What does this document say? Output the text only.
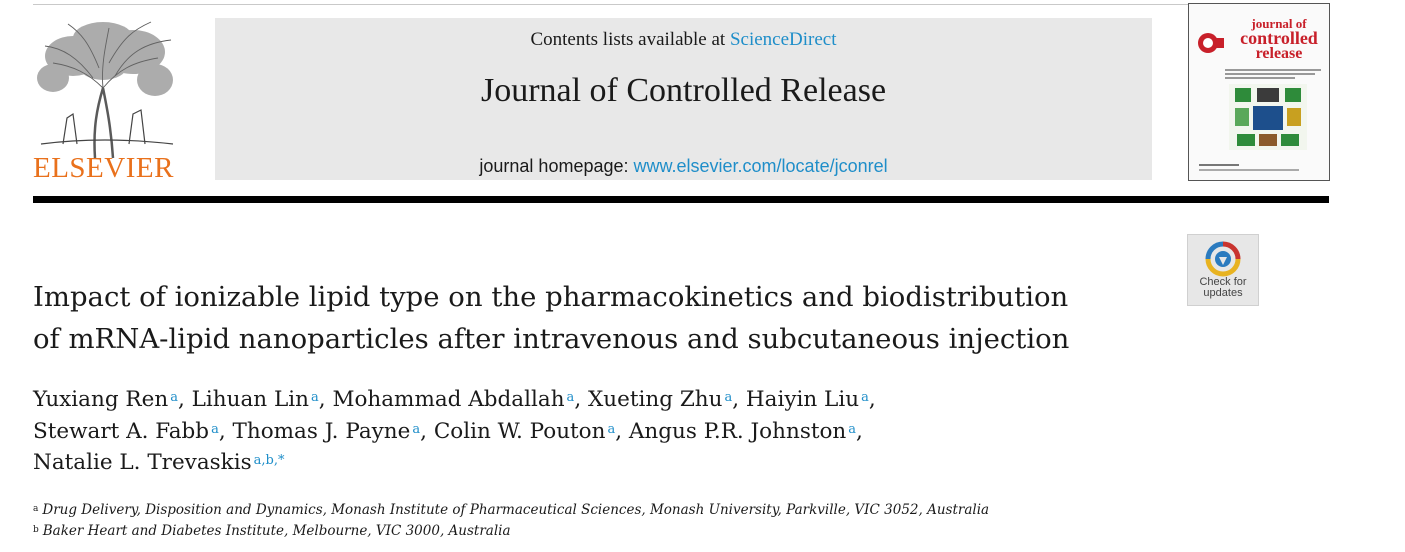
ELSEVIER
Contents lists available at ScienceDirect
Journal of Controlled Release
journal homepage: www.elsevier.com/locate/jconrel
journal of
controlled
release
Check for
updates
Impact of ionizable lipid type on the pharmacokinetics and biodistribution
of mRNA-lipid nanoparticles after intravenous and subcutaneous injection
Yuxiang Ren $^a$, Lihuan Lin $^a$, Mohammad Abdallah $^a$, Xueting Zhu $^a$, Haiyin Liu $^a$,
Stewart A. Fabb $^a$, Thomas J. Payne $^a$, Colin W. Pouton $^a$, Angus P.R. Johnston $^a$,
Natalie L. Trevaskis $^{a,b,*}$
$^a$ Drug Delivery, Disposition and Dynamics, Monash Institute of Pharmaceutical Sciences, Monash University, Parkville, VIC 3052, Australia
$^b$ Baker Heart and Diabetes Institute, Melbourne, VIC 3000, Australia
